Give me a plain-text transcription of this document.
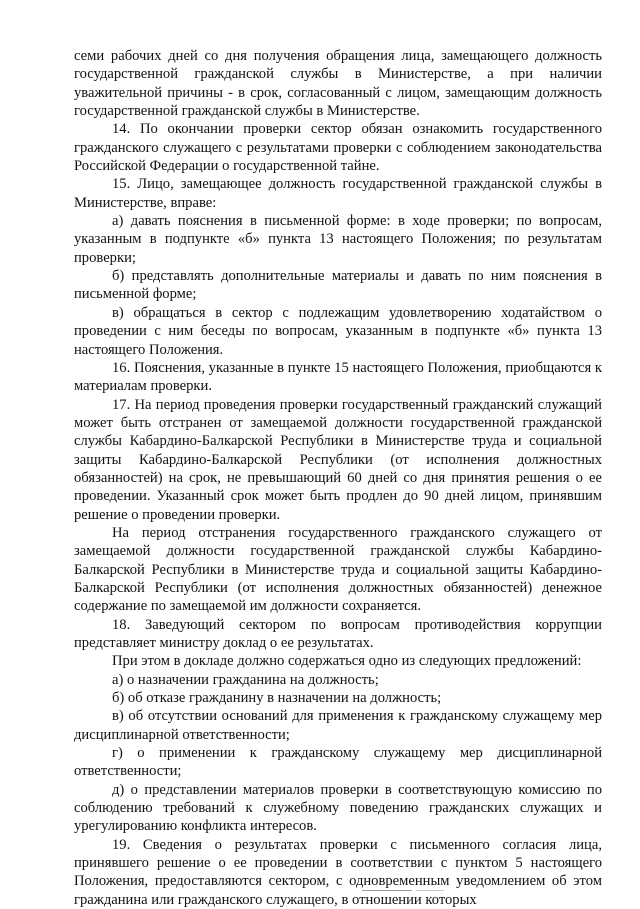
семи рабочих дней со дня получения обращения лица, замещающего должность государственной гражданской службы в Министерстве, а при наличии уважительной причины - в срок, согласованный с лицом, замещающим должность государственной гражданской службы в Министерстве.

14. По окончании проверки сектор обязан ознакомить государственного гражданского служащего с результатами проверки с соблюдением законодательства Российской Федерации о государственной тайне.

15. Лицо, замещающее должность государственной гражданской службы в Министерстве, вправе:

а) давать пояснения в письменной форме: в ходе проверки; по вопросам, указанным в подпункте «б» пункта 13 настоящего Положения; по результатам проверки;

б) представлять дополнительные материалы и давать по ним пояснения в письменной форме;

в) обращаться в сектор с подлежащим удовлетворению ходатайством о проведении с ним беседы по вопросам, указанным в подпункте «б» пункта 13 настоящего Положения.

16. Пояснения, указанные в пункте 15 настоящего Положения, приобщаются к материалам проверки.

17. На период проведения проверки государственный гражданский служащий может быть отстранен от замещаемой должности государственной гражданской службы Кабардино-Балкарской Республики в Министерстве труда и социальной защиты Кабардино-Балкарской Республики (от исполнения должностных обязанностей) на срок, не превышающий 60 дней со дня принятия решения о ее проведении. Указанный срок может быть продлен до 90 дней лицом, принявшим решение о проведении проверки.

На период отстранения государственного гражданского служащего от замещаемой должности государственной гражданской службы Кабардино-Балкарской Республики в Министерстве труда и социальной защиты Кабардино-Балкарской Республики (от исполнения должностных обязанностей) денежное содержание по замещаемой им должности сохраняется.

18. Заведующий сектором по вопросам противодействия коррупции представляет министру доклад о ее результатах.

При этом в докладе должно содержаться одно из следующих предложений:

а) о назначении гражданина на должность;

б) об отказе гражданину в назначении на должность;

в) об отсутствии оснований для применения к гражданскому служащему мер дисциплинарной ответственности;

г) о применении к гражданскому служащему мер дисциплинарной ответственности;

д) о представлении материалов проверки в соответствующую комиссию по соблюдению требований к служебному поведению гражданских служащих и урегулированию конфликта интересов.

19. Сведения о результатах проверки с письменного согласия лица, принявшего решение о ее проведении в соответствии с пунктом 5 настоящего Положения, предоставляются сектором, с одновременным уведомлением об этом гражданина или гражданского служащего, в отношении которых
